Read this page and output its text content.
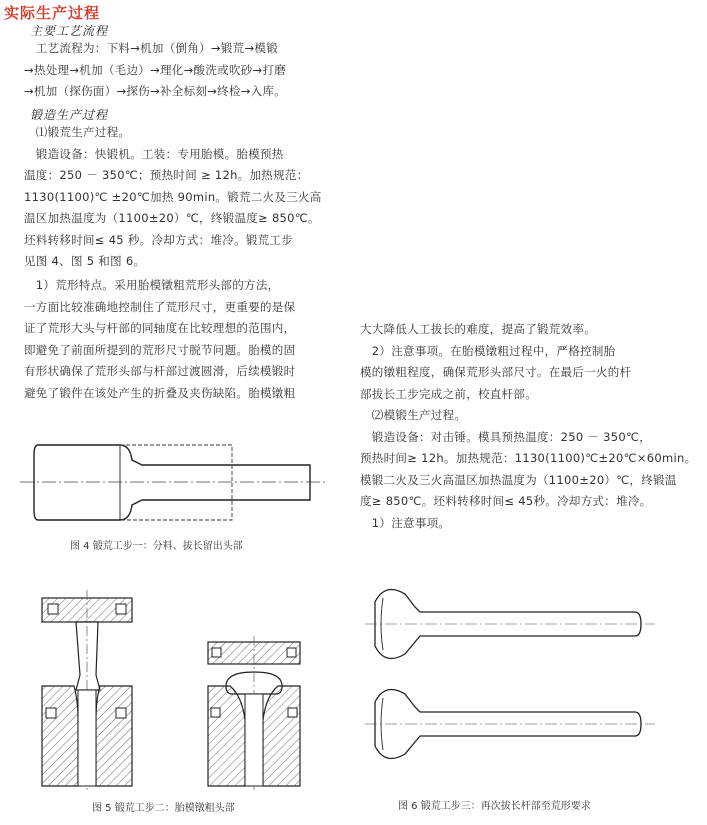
实际生产过程
主要工艺流程
　工艺流程为：下料→机加（倒角）→锻荒→模锻
→热处理→机加（毛边）→理化→酸洗或吹砂→打磨
→机加（探伤面）→探伤→补全标刻→终检→入库。
锻造生产过程
　⑴锻荒生产过程。
　锻造设备：快锻机。工装：专用胎模。胎模预热
温度：250 － 350℃；预热时间 ≥ 12h。加热规范：
1130(1100)℃ ±20℃加热 90min。锻荒二火及三火高
温区加热温度为（1100±20）℃，终锻温度≥ 850℃。
坯料转移时间≤ 45 秒。冷却方式：堆冷。锻荒工步
见图 4、图 5 和图 6。
　1）荒形特点。采用胎模镦粗荒形头部的方法，
一方面比较准确地控制住了荒形尺寸，更重要的是保
证了荒形大头与杆部的同轴度在比较理想的范围内，
即避免了前面所提到的荒形尺寸脱节问题。胎模的固
有形状确保了荒形头部与杆部过渡圆滑，后续模锻时
避免了锻件在该处产生的折叠及夹伤缺陷。胎模镦粗
大大降低人工拔长的难度，提高了锻荒效率。
　2）注意事项。在胎模镦粗过程中，严格控制胎
模的镦粗程度，确保荒形头部尺寸。在最后一火的杆
部拔长工步完成之前，校直杆部。
　⑵模锻生产过程。
　锻造设备：对击锤。模具预热温度：250 － 350℃，
预热时间≥ 12h。加热规范：1130(1100)℃±20℃×60min。
模锻二火及三火高温区加热温度为（1100±20）℃，终锻温
度≥ 850℃。坯料转移时间≤ 45秒。冷却方式：堆冷。
　1）注意事项。
图 4 锻荒工步一：分料、拔长留出头部
图 5 锻荒工步二：胎模镦粗头部	图 6 锻荒工步三：再次拔长杆部至荒形要求
